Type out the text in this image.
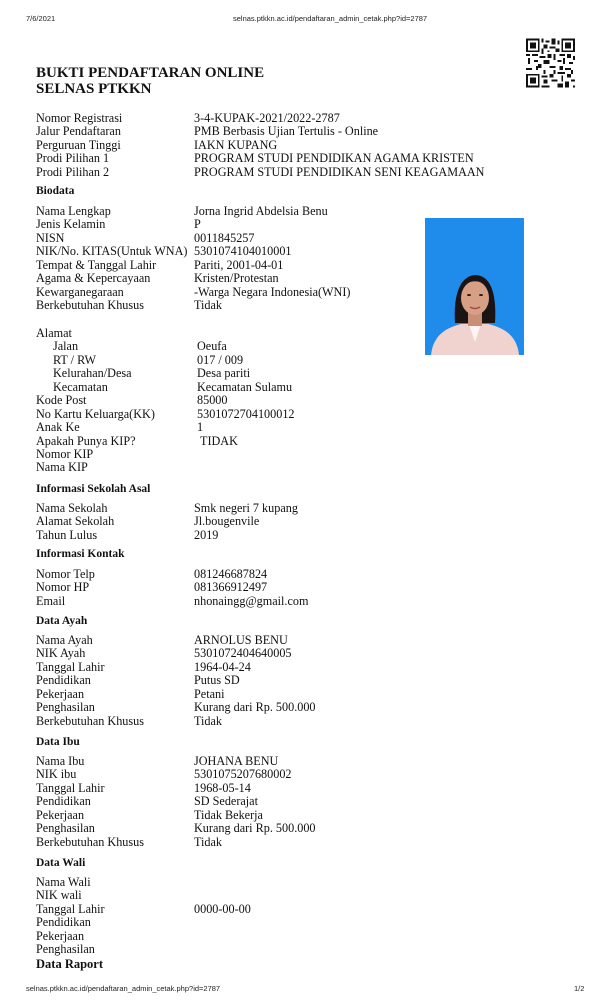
7/6/2021	selnas.ptkkn.ac.id/pendaftaran_admin_cetak.php?id=2787
BUKTI PENDAFTARAN ONLINE
SELNAS PTKKN
Nomor Registrasi	3-4-KUPAK-2021/2022-2787
Jalur Pendaftaran	PMB Berbasis Ujian Tertulis - Online
Perguruan Tinggi	IAKN KUPANG
Prodi Pilihan 1	PROGRAM STUDI PENDIDIKAN AGAMA KRISTEN
Prodi Pilihan 2	PROGRAM STUDI PENDIDIKAN SENI KEAGAMAAN
Biodata
Nama Lengkap	Jorna Ingrid Abdelsia Benu
Jenis Kelamin	P
NISN	0011845257
NIK/No. KITAS(Untuk WNA) 5301074104010001
Tempat & Tanggal Lahir	Pariti, 2001-04-01
Agama & Kepercayaan	Kristen/Protestan
Kewarganegaraan	-Warga Negara Indonesia(WNI)
Berkebutuhan Khusus	Tidak
Alamat
Jalan	Oeufa
RT / RW	017 / 009
Kelurahan/Desa	Desa pariti
Kecamatan	Kecamatan Sulamu
Kode Post	85000
No Kartu Keluarga(KK)	5301072704100012
Anak Ke	1
Apakah Punya KIP?	TIDAK
Nomor KIP
Nama KIP
Informasi Sekolah Asal
Nama Sekolah	Smk negeri 7 kupang
Alamat Sekolah	Jl.bougenvile
Tahun Lulus	2019
Informasi Kontak
Nomor Telp	081246687824
Nomor HP	081366912497
Email	nhonaingg@gmail.com
Data Ayah
Nama Ayah	ARNOLUS BENU
NIK Ayah	5301072404640005
Tanggal Lahir	1964-04-24
Pendidikan	Putus SD
Pekerjaan	Petani
Penghasilan	Kurang dari Rp. 500.000
Berkebutuhan Khusus	Tidak
Data Ibu
Nama Ibu	JOHANA BENU
NIK ibu	5301075207680002
Tanggal Lahir	1968-05-14
Pendidikan	SD Sederajat
Pekerjaan	Tidak Bekerja
Penghasilan	Kurang dari Rp. 500.000
Berkebutuhan Khusus	Tidak
Data Wali
Nama Wali
NIK wali
Tanggal Lahir	0000-00-00
Pendidikan
Pekerjaan
Penghasilan
Data Raport
selnas.ptkkn.ac.id/pendaftaran_admin_cetak.php?id=2787	1/2
